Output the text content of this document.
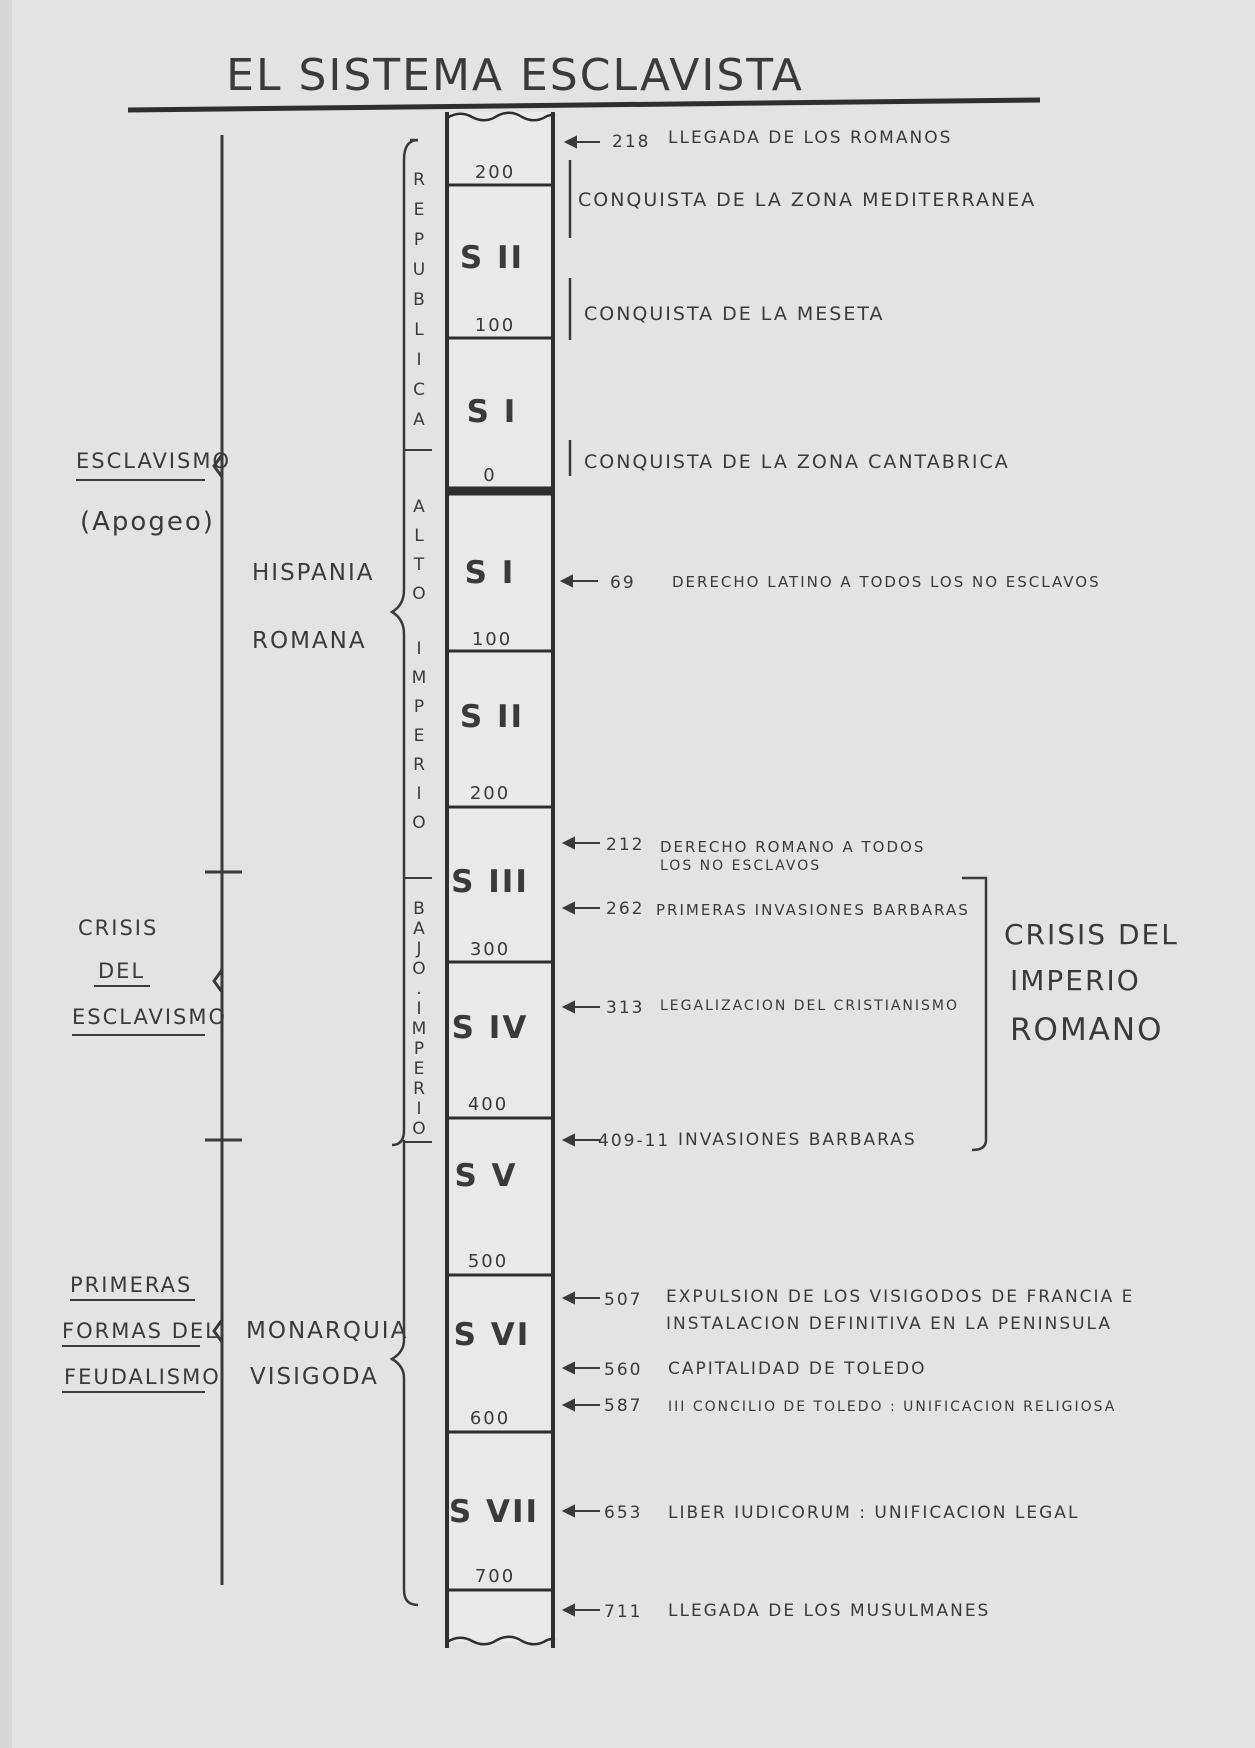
EL SISTEMA ESCLAVISTA
ESCLAVISMO
(Apogeo)
CRISIS
DEL
ESCLAVISMO
PRIMERAS
FORMAS DEL
FEUDALISMO
HISPANIA
ROMANA
MONARQUIA
VISIGODA
R E P U B L I C A
A L T O I M P E R I O
B A J O . I M P E R I O
200
100
0
100
200
300
400
500
600
700
S II
S I
S I
S II
S III
S IV
S V
S VI
S VII
218
69
212
262
313
409-11
507
560
587
653
711
LLEGADA DE LOS ROMANOS
CONQUISTA DE LA ZONA MEDITERRANEA
CONQUISTA DE LA MESETA
CONQUISTA DE LA ZONA CANTABRICA
DERECHO LATINO A TODOS LOS NO ESCLAVOS
DERECHO ROMANO A TODOS
LOS NO ESCLAVOS
PRIMERAS INVASIONES BARBARAS
LEGALIZACION DEL CRISTIANISMO
INVASIONES BARBARAS
EXPULSION DE LOS VISIGODOS DE FRANCIA E
INSTALACION DEFINITIVA EN LA PENINSULA
CAPITALIDAD DE TOLEDO
III CONCILIO DE TOLEDO : UNIFICACION RELIGIOSA
LIBER IUDICORUM : UNIFICACION LEGAL
LLEGADA DE LOS MUSULMANES
CRISIS DEL
IMPERIO
ROMANO
